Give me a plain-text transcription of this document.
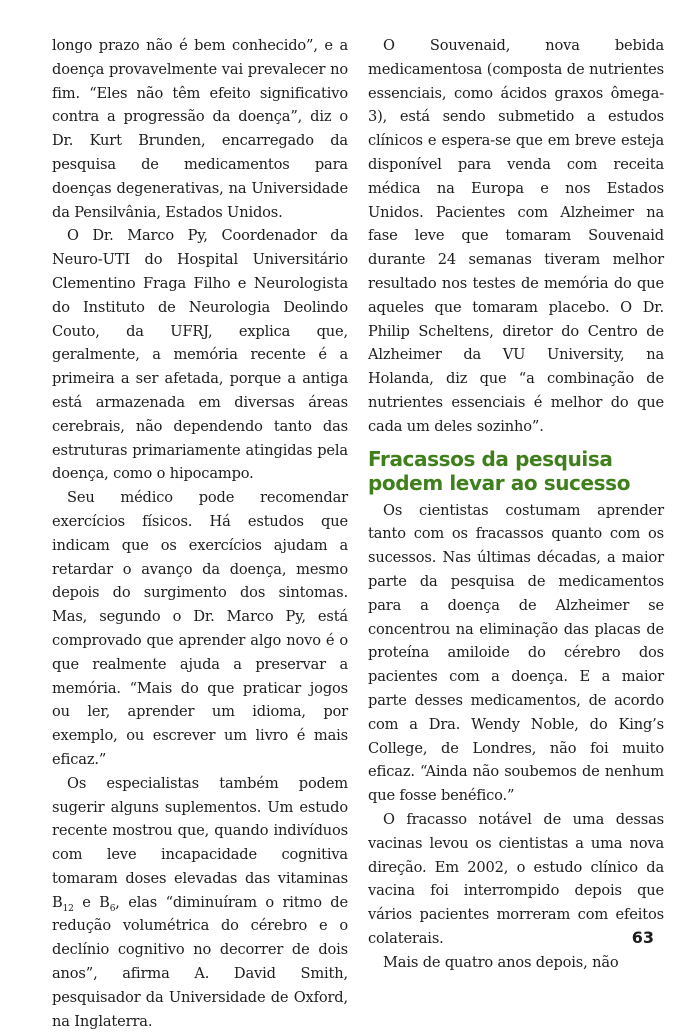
longo prazo não é bem conhecido”, e a doença provavelmente vai prevalecer no fim. “Eles não têm efeito significativo contra a progressão da doença”, diz o Dr. Kurt Brunden, encarregado da pesquisa de medicamentos para doenças degenerativas, na Universidade da Pensilvânia, Estados Unidos.

O Dr. Marco Py, Coordenador da Neuro-UTI do Hospital Universitário Clementino Fraga Filho e Neurologista do Instituto de Neurologia Deolindo Couto, da UFRJ, explica que, geralmente, a memória recente é a primeira a ser afetada, porque a antiga está armazenada em diversas áreas cerebrais, não dependendo tanto das estruturas primariamente atingidas pela doença, como o hipocampo.

Seu médico pode recomendar exercícios físicos. Há estudos que indicam que os exercícios ajudam a retardar o avanço da doença, mesmo depois do surgimento dos sintomas. Mas, segundo o Dr. Marco Py, está comprovado que aprender algo novo é o que realmente ajuda a preservar a memória. “Mais do que praticar jogos ou ler, aprender um idioma, por exemplo, ou escrever um livro é mais eficaz.”

Os especialistas também podem sugerir alguns suplementos. Um estudo recente mostrou que, quando indivíduos com leve incapacidade cognitiva tomaram doses elevadas das vitaminas $B_{12}$ e $B_6$, elas “diminuíram o ritmo de redução volumétrica do cérebro e o declínio cognitivo no decorrer de dois anos”, afirma A. David Smith, pesquisador da Universidade de Oxford, na Inglaterra.

O Souvenaid, nova bebida medicamentosa (composta de nutrientes essenciais, como ácidos graxos ômega-3), está sendo submetido a estudos clínicos e espera-se que em breve esteja disponível para venda com receita médica na Europa e nos Estados Unidos. Pacientes com Alzheimer na fase leve que tomaram Souvenaid durante 24 semanas tiveram melhor resultado nos testes de memória do que aqueles que tomaram placebo. O Dr. Philip Scheltens, diretor do Centro de Alzheimer da VU University, na Holanda, diz que “a combinação de nutrientes essenciais é melhor do que cada um deles sozinho”.

Fracassos da pesquisa podem levar ao sucesso

Os cientistas costumam aprender tanto com os fracassos quanto com os sucessos. Nas últimas décadas, a maior parte da pesquisa de medicamentos para a doença de Alzheimer se concentrou na eliminação das placas de proteína amiloide do cérebro dos pacientes com a doença. E a maior parte desses medicamentos, de acordo com a Dra. Wendy Noble, do King’s College, de Londres, não foi muito eficaz. “Ainda não soubemos de nenhum que fosse benéfico.”

O fracasso notável de uma dessas vacinas levou os cientistas a uma nova direção. Em 2002, o estudo clínico da vacina foi interrompido depois que vários pacientes morreram com efeitos colaterais.

Mais de quatro anos depois, não

63
